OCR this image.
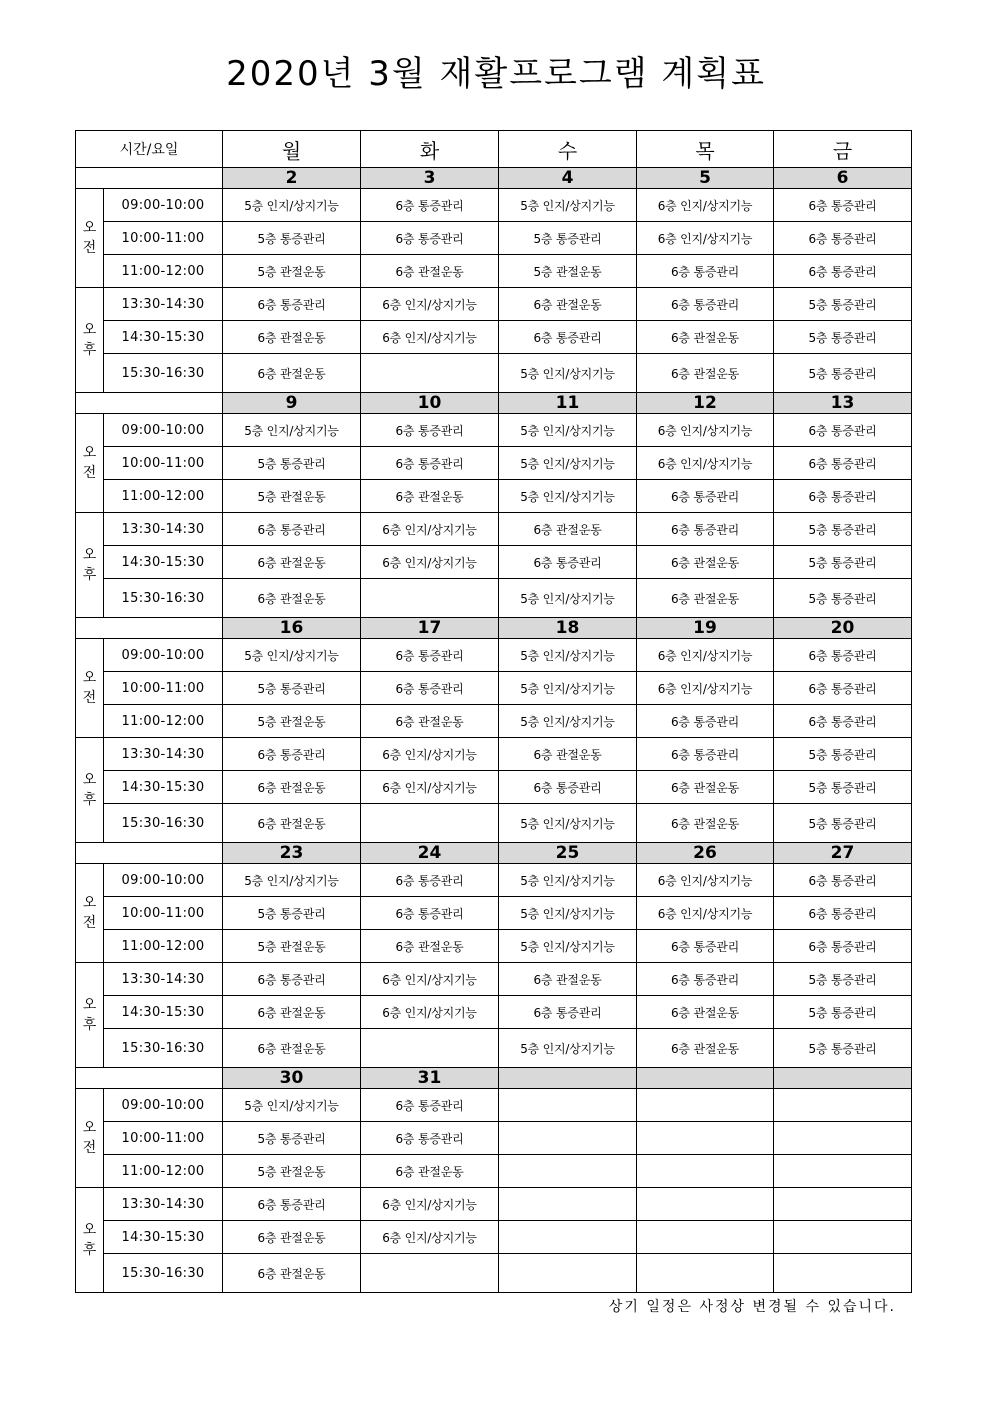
2020년 3월 재활프로그램 계획표
시간/요일		월	화	수	목	금
		2	3	4	5	6

오
전	09:00-10:00	5층 인지/상지기능	6층 통증관리	5층 인지/상지기능	6층 인지/상지기능	6층 통증관리
	10:00-11:00	5층 통증관리	6층 통증관리	5층 통증관리	6층 인지/상지기능	6층 통증관리
	11:00-12:00	5층 관절운동	6층 관절운동	5층 관절운동	6층 통증관리	6층 통증관리

오
후	13:30-14:30	6층 통증관리	6층 인지/상지기능	6층 관절운동	6층 통증관리	5층 통증관리
	14:30-15:30	6층 관절운동	6층 인지/상지기능	6층 통증관리	6층 관절운동	5층 통증관리
	15:30-16:30	6층 관절운동		5층 인지/상지기능	6층 관절운동	5층 통증관리
		9	10	11	12	13

오
전	09:00-10:00	5층 인지/상지기능	6층 통증관리	5층 인지/상지기능	6층 인지/상지기능	6층 통증관리
	10:00-11:00	5층 통증관리	6층 통증관리	5층 인지/상지기능	6층 인지/상지기능	6층 통증관리
	11:00-12:00	5층 관절운동	6층 관절운동	5층 인지/상지기능	6층 통증관리	6층 통증관리

오
후	13:30-14:30	6층 통증관리	6층 인지/상지기능	6층 관절운동	6층 통증관리	5층 통증관리
	14:30-15:30	6층 관절운동	6층 인지/상지기능	6층 통증관리	6층 관절운동	5층 통증관리
	15:30-16:30	6층 관절운동		5층 인지/상지기능	6층 관절운동	5층 통증관리
		16	17	18	19	20

오
전	09:00-10:00	5층 인지/상지기능	6층 통증관리	5층 인지/상지기능	6층 인지/상지기능	6층 통증관리
	10:00-11:00	5층 통증관리	6층 통증관리	5층 인지/상지기능	6층 인지/상지기능	6층 통증관리
	11:00-12:00	5층 관절운동	6층 관절운동	5층 인지/상지기능	6층 통증관리	6층 통증관리

오
후	13:30-14:30	6층 통증관리	6층 인지/상지기능	6층 관절운동	6층 통증관리	5층 통증관리
	14:30-15:30	6층 관절운동	6층 인지/상지기능	6층 통증관리	6층 관절운동	5층 통증관리
	15:30-16:30	6층 관절운동		5층 인지/상지기능	6층 관절운동	5층 통증관리
		23	24	25	26	27

오
전	09:00-10:00	5층 인지/상지기능	6층 통증관리	5층 인지/상지기능	6층 인지/상지기능	6층 통증관리
	10:00-11:00	5층 통증관리	6층 통증관리	5층 인지/상지기능	6층 인지/상지기능	6층 통증관리
	11:00-12:00	5층 관절운동	6층 관절운동	5층 인지/상지기능	6층 통증관리	6층 통증관리

오
후	13:30-14:30	6층 통증관리	6층 인지/상지기능	6층 관절운동	6층 통증관리	5층 통증관리
	14:30-15:30	6층 관절운동	6층 인지/상지기능	6층 통증관리	6층 관절운동	5층 통증관리
	15:30-16:30	6층 관절운동		5층 인지/상지기능	6층 관절운동	5층 통증관리
		30	31			

오
전	09:00-10:00	5층 인지/상지기능	6층 통증관리			
	10:00-11:00	5층 통증관리	6층 통증관리			
	11:00-12:00	5층 관절운동	6층 관절운동			

오
후	13:30-14:30	6층 통증관리	6층 인지/상지기능			
	14:30-15:30	6층 관절운동	6층 인지/상지기능			
	15:30-16:30	6층 관절운동				
상기 일정은 사정상 변경될 수 있습니다.
